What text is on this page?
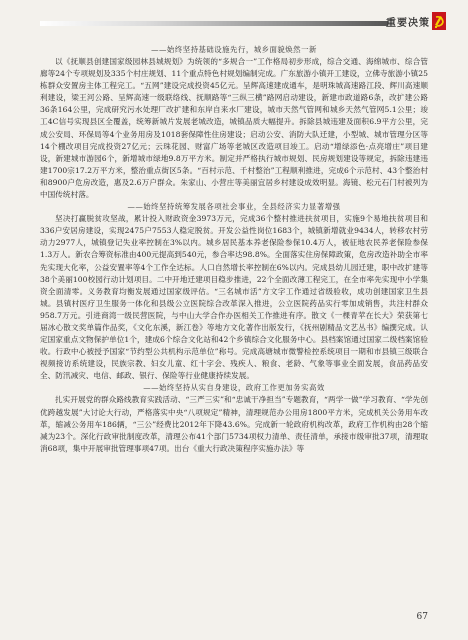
重要决策
——始终坚持基础设施先行，城乡面貌焕然一新

以《抚顺县创建国家级园林县城规划》为统领的“多规合一”工作格局初步形成，综合交通、海绵城市、综合管廊等24个专项规划及335个村庄规划、11个重点特色村规划编制完成。广东旅游小镇开工建设，立佛寺旅游小镇25栋群众安置房主体工程完工。“五网”建设完成投资45亿元。呈辉高速建成通车，是明珠城高速路江段、辉川高速顺利建设，梁王河公路、呈辉高速一级联络线、抚顺路等“三纵三横”路网启动建设，新建市政道路6条，改扩建公路36条164公里，完成研究污水处理厂改扩建和东岸自来水厂建设，城市天然气管网和城乡天然气管网5.1公里；竣工4C信号实现县区全覆盖，统筹新城片发展老城改造，城镇品质大幅提升。拆除县城违建及面积6.9平方公里，完成公安局、环保局等4个业务用房及1018套保障性住房建设；启动公安、消防大队迁建，小型城、城市管理分区等14个棚改项目完成投资27亿元；云珠花园、财富广场等老城区改造项目竣工。启动“增绿添色·点亮增庄”项目建设，新建城市游园6个，新增城市绿地9.8万平方米。制定并严格执行城市规划、民房规划建设等规定，拆除违建违建1700宗17.2万平方米，整治重点街区5条。“百村示范、千村整治”工程顺利推进，完成6个示范村、43个整治村和8900户危房改造，惠及2.6万户群众。朱家山、小营庄等美丽宜居乡村建设成效明显。海镜、松元石门村被列为中国传统村落。

——始终坚持统筹发展各项社会事业，全县经济实力显著增强

坚决打赢脱贫攻坚战，累计投入财政资金3973万元，完成36个整村推进扶贫项目，实施9个易地扶贫项目和336户安居房建设，实现2475户7553人稳定脱贫。开发公益性岗位1683个，城镇新增就业9434人，转移农村劳动力2977人，城镇登记失业率控制在3%以内。城乡居民基本养老保险参保10.4万人，被征地农民养老保险参保1.3万人。新农合筹资标准由400元提高到540元，参合率达98.8%。全面落实住房保障政策，危房改造补助全市率先实现大化率，公益安置率等4个工作全达标。人口自然增长率控制在6%以内。完成县幼儿园迁建，职中改扩建等38个美丽100校园行动计划项目。二中开地迁建项目稳步推进，22个全面改薄工程完工，在全市率先实现中小学集资全面清零。义务教育均衡发展通过国家级评估。“三名城市活”方文字工作通过省级验收，成功创建国家卫生县城。县镇村医疗卫生服务一体化和县级公立医院综合改革深入推进，公立医院药品实行零加成销售，共注村群众958.7万元。引进商湾一级民营医院，与中山大学合作办医相关工作推进有序。散文《一棵青苹在长大》荣获第七届冰心散文奖单篇作品奖，《文化东溪，新江卷》等地方文化著作出版发行，《抚州剧精品文艺丛书》编撰完成。认定国家重点文物保护单位1个，建成6个综合文化站和42个乡镇综合文化服务中心。县档案馆通过国家二级档案馆验收。行政中心被授予国家“节约型公共机构示范单位”称号。完成高塘城市微警检控系统项目一期和市县镇三级联合视频接访系统建设，民族宗教、妇女儿童、红十字会、残疾人、粮食、老龄、气象等事业全面发展，食品药品安全、防汛减灾、电信、邮政、银行、保险等行业健康持续发展。

——始终坚持从实自身建设，政府工作更加务实高效

扎实开展党的群众路线教育实践活动、“三严三实”和“忠诚干净担当”专题教育，“两学一做”学习教育、“学先创优跨越发展”大讨论大行动，严格落实中央“八项规定”精神，清理规范办公用房1800平方米，完成机关公务用车改革，缩减公务用车186辆，“三公”经费比2012年下降43.6%。完成新一轮政府机构改革，政府工作机构由28个缩减为23个。深化行政审批制度改革，清理公布41个部门5734项权力清单、责任清单，承接市级审批37项，清理取消68项，集中开展审批管理事项47项。出台《重大行政决策程序实施办法》等

67
